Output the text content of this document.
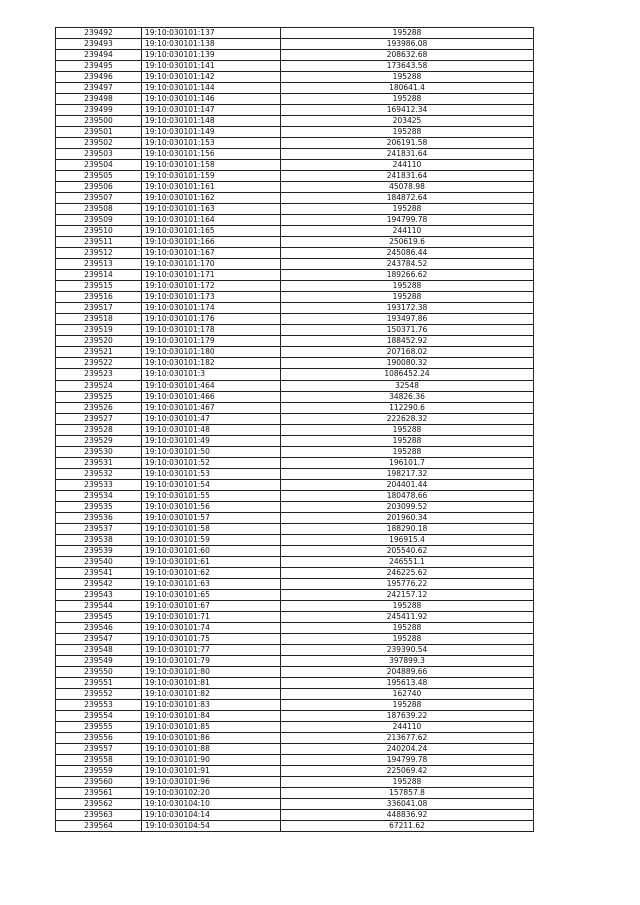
239492	19:10:030101:137	195288
239493	19:10:030101:138	193986.08
239494	19:10:030101:139	208632.68
239495	19:10:030101:141	173643.58
239496	19:10:030101:142	195288
239497	19:10:030101:144	180641.4
239498	19:10:030101:146	195288
239499	19:10:030101:147	169412.34
239500	19:10:030101:148	203425
239501	19:10:030101:149	195288
239502	19:10:030101:153	206191.58
239503	19:10:030101:156	241831.64
239504	19:10:030101:158	244110
239505	19:10:030101:159	241831.64
239506	19:10:030101:161	45078.98
239507	19:10:030101:162	184872.64
239508	19:10:030101:163	195288
239509	19:10:030101:164	194799.78
239510	19:10:030101:165	244110
239511	19:10:030101:166	250619.6
239512	19:10:030101:167	245086.44
239513	19:10:030101:170	243784.52
239514	19:10:030101:171	189266.62
239515	19:10:030101:172	195288
239516	19:10:030101:173	195288
239517	19:10:030101:174	193172.38
239518	19:10:030101:176	193497.86
239519	19:10:030101:178	150371.76
239520	19:10:030101:179	188452.92
239521	19:10:030101:180	207168.02
239522	19:10:030101:182	190080.32
239523	19:10:030101:3	1086452.24
239524	19:10:030101:464	32548
239525	19:10:030101:466	34826.36
239526	19:10:030101:467	112290.6
239527	19:10:030101:47	222628.32
239528	19:10:030101:48	195288
239529	19:10:030101:49	195288
239530	19:10:030101:50	195288
239531	19:10:030101:52	196101.7
239532	19:10:030101:53	198217.32
239533	19:10:030101:54	204401.44
239534	19:10:030101:55	180478.66
239535	19:10:030101:56	203099.52
239536	19:10:030101:57	201960.34
239537	19:10:030101:58	188290.18
239538	19:10:030101:59	196915.4
239539	19:10:030101:60	205540.62
239540	19:10:030101:61	246551.1
239541	19:10:030101:62	246225.62
239542	19:10:030101:63	195776.22
239543	19:10:030101:65	242157.12
239544	19:10:030101:67	195288
239545	19:10:030101:71	245411.92
239546	19:10:030101:74	195288
239547	19:10:030101:75	195288
239548	19:10:030101:77	239390.54
239549	19:10:030101:79	397899.3
239550	19:10:030101:80	204889.66
239551	19:10:030101:81	195613.48
239552	19:10:030101:82	162740
239553	19:10:030101:83	195288
239554	19:10:030101:84	187639.22
239555	19:10:030101:85	244110
239556	19:10:030101:86	213677.62
239557	19:10:030101:88	240204.24
239558	19:10:030101:90	194799.78
239559	19:10:030101:91	225069.42
239560	19:10:030101:96	195288
239561	19:10:030102:20	157857.8
239562	19:10:030104:10	336041.08
239563	19:10:030104:14	448836.92
239564	19:10:030104:54	67211.62
